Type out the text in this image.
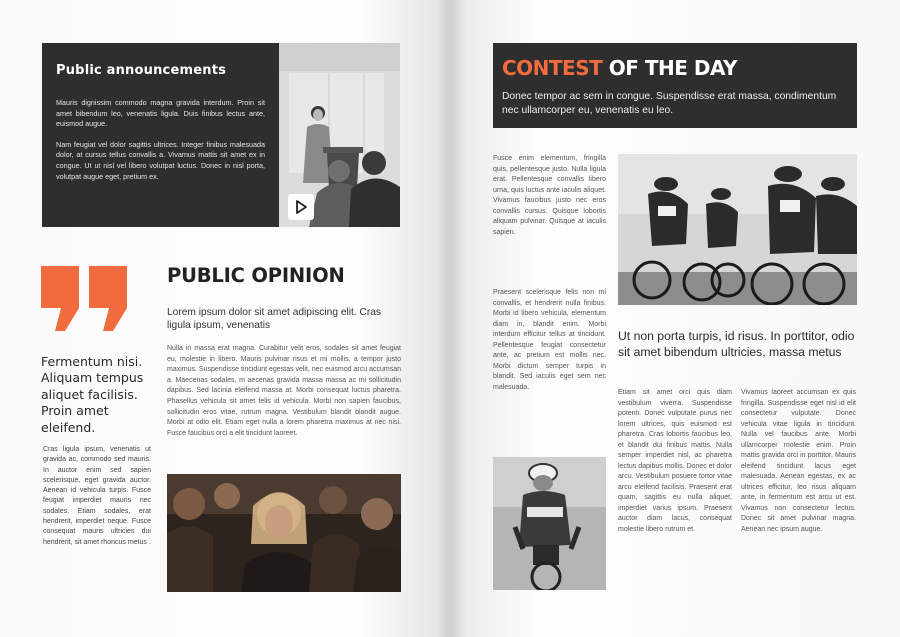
Public announcements

Mauris dignissim commodo magna gravida interdum. Proin sit amet bibendum leo, venenatis ligula. Duis finibus lectus ante, euismod augue.

Nam feugiat vel dolor sagittis ultrices. Integer finibus malesuada dolor, at cursus tellus convallis a. Vivamus mattis sit amet ex in congue. Ut ut nisl vel libero volutpat luctus. Donec in nisl porta, volutpat augue eget, pretium ex.

Fermentum nisi. Aliquam tempus aliquet facilisis. Proin amet eleifend.
Cras ligula ipsum, venenatis ut gravida ac, commodo sed mauris. In auctor enim sed sapien scelerisque, eget gravida auctor. Aenean id vehicula turpis. Fusce feugiat imperdiet mauris nec sodales. Etiam sodales, erat hendrerit, imperdiet neque. Fusce consequat mauris ultricies dui hendrerit, sit amet rhoncus metus .
PUBLIC OPINION
Lorem ipsum dolor sit amet adipiscing elit. Cras ligula ipsum, venenatis
Nulla in massa erat magna. Curabitur velit eros, sodales sit amet feugiat eu, molestie in libero. Mauris pulvinar risus et mi mollis, a tempor justo maximus. Suspendisse tincidunt egestas velit, nec euismod arcu accumsan a. Maecenas sodales, m aecenas gravida massa massa ac mi sollicitudin dapibus. Sed lacinia eleifend massa at. Morbi consequat luctus pharetra. Phasellus vehicula sit amet felis id vehicula. Morbi non sapien faucibus, sollicitudin eros vitae, rutrum magna. Vestibulum blandit blandit augue. Morbi at odio elit. Etiam eget nulla a lorem pharetra maximus at nec nisi. Fusce faucibus orci a elit tincidunt laoreet.
CONTEST OF THE DAY

Donec tempor ac sem in congue. Suspendisse erat massa, condimentum nec ullamcorper eu, venenatis eu leo.

Fusce enim elementum, fringilla quis, pellentesque justo. Nulla ligula erat. Pellentesque convallis libero urna, quis luctus ante iaculis aliquet. Vivamus faucibus justo nec eros convallis cursus. Quisque lobortis aliquam pulvinar. Quisque at iaculis sapien.
Praesent scelerisque felis non mi convallis, et hendrerit nulla finibus. Morbi id libero vehicula, elementum diam in, blandit enim. Morbi interdum efficitur tellus at tincidunt. Pellentesque feugiat consectetur ante, ac pretium est mollis nec. Morbi dictum semper turpis in blandit. Sed iaculis eget sem nec malesuada.
Ut non porta turpis, id risus. In porttitor, odio sit amet bibendum ultricies, massa metus
Etiam sit amet orci quis diam vestibulum viverra. Suspendisse potenti. Donec vulputate purus nec lorem ultrices, quis euismod est pharetra. Cras lobortis faucibus leo, et blandit dui finibus mattis. Nulla semper imperdiet nisl, ac pharetra lectus dapibus mollis. Donec et dolor arcu. Vestibulum posuere tortor vitae arcu eleifend facilisis. Praesent erat quam, sagittis eu nulla aliquet, imperdiet varius ipsum. Praesent auctor diam lacus, consequat molestie libero rutrum et.
Vivamus laoreet accumsan ex quis fringilla. Suspendisse eget nisl id elit consectetur vulputate. Donec vehicula vitae ligula in tincidunt. Nulla vel faucibus ante. Morbi ullamcorper molestie enim. Proin mattis gravida orci in porttitor. Mauris eleifend tincidunt lacus eget malesuada. Aenean egestas, ex ac ultrices efficitur, leo risus aliquam ante, in fermentum est arcu ut est. Vivamus non consectetur lectus. Donec sit amet pulvinar magna. Aenean nec ipsum augue.
